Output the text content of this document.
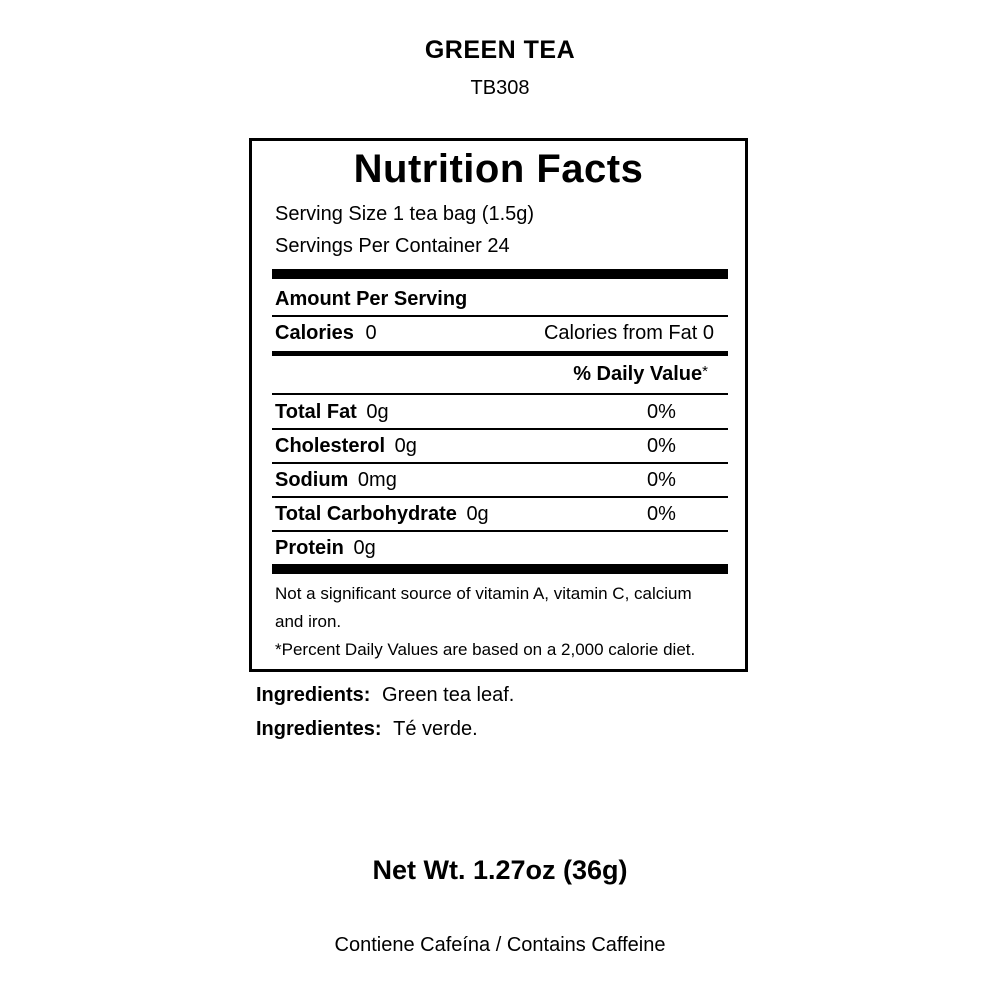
GREEN TEA
TB308
Nutrition Facts
Serving Size 1 tea bag (1.5g)
Servings Per Container 24
Amount Per Serving
Calories 0	Calories from Fat 0
% Daily Value*
Total Fat 0g	0%
Cholesterol 0g	0%
Sodium 0mg	0%
Total Carbohydrate 0g	0%
Protein 0g
Not a significant source of vitamin A, vitamin C, calcium
and iron.
*Percent Daily Values are based on a 2,000 calorie diet.
Ingredients: Green tea leaf.
Ingredientes: Té verde.
Net Wt. 1.27oz (36g)
Contiene Cafeína / Contains Caffeine
